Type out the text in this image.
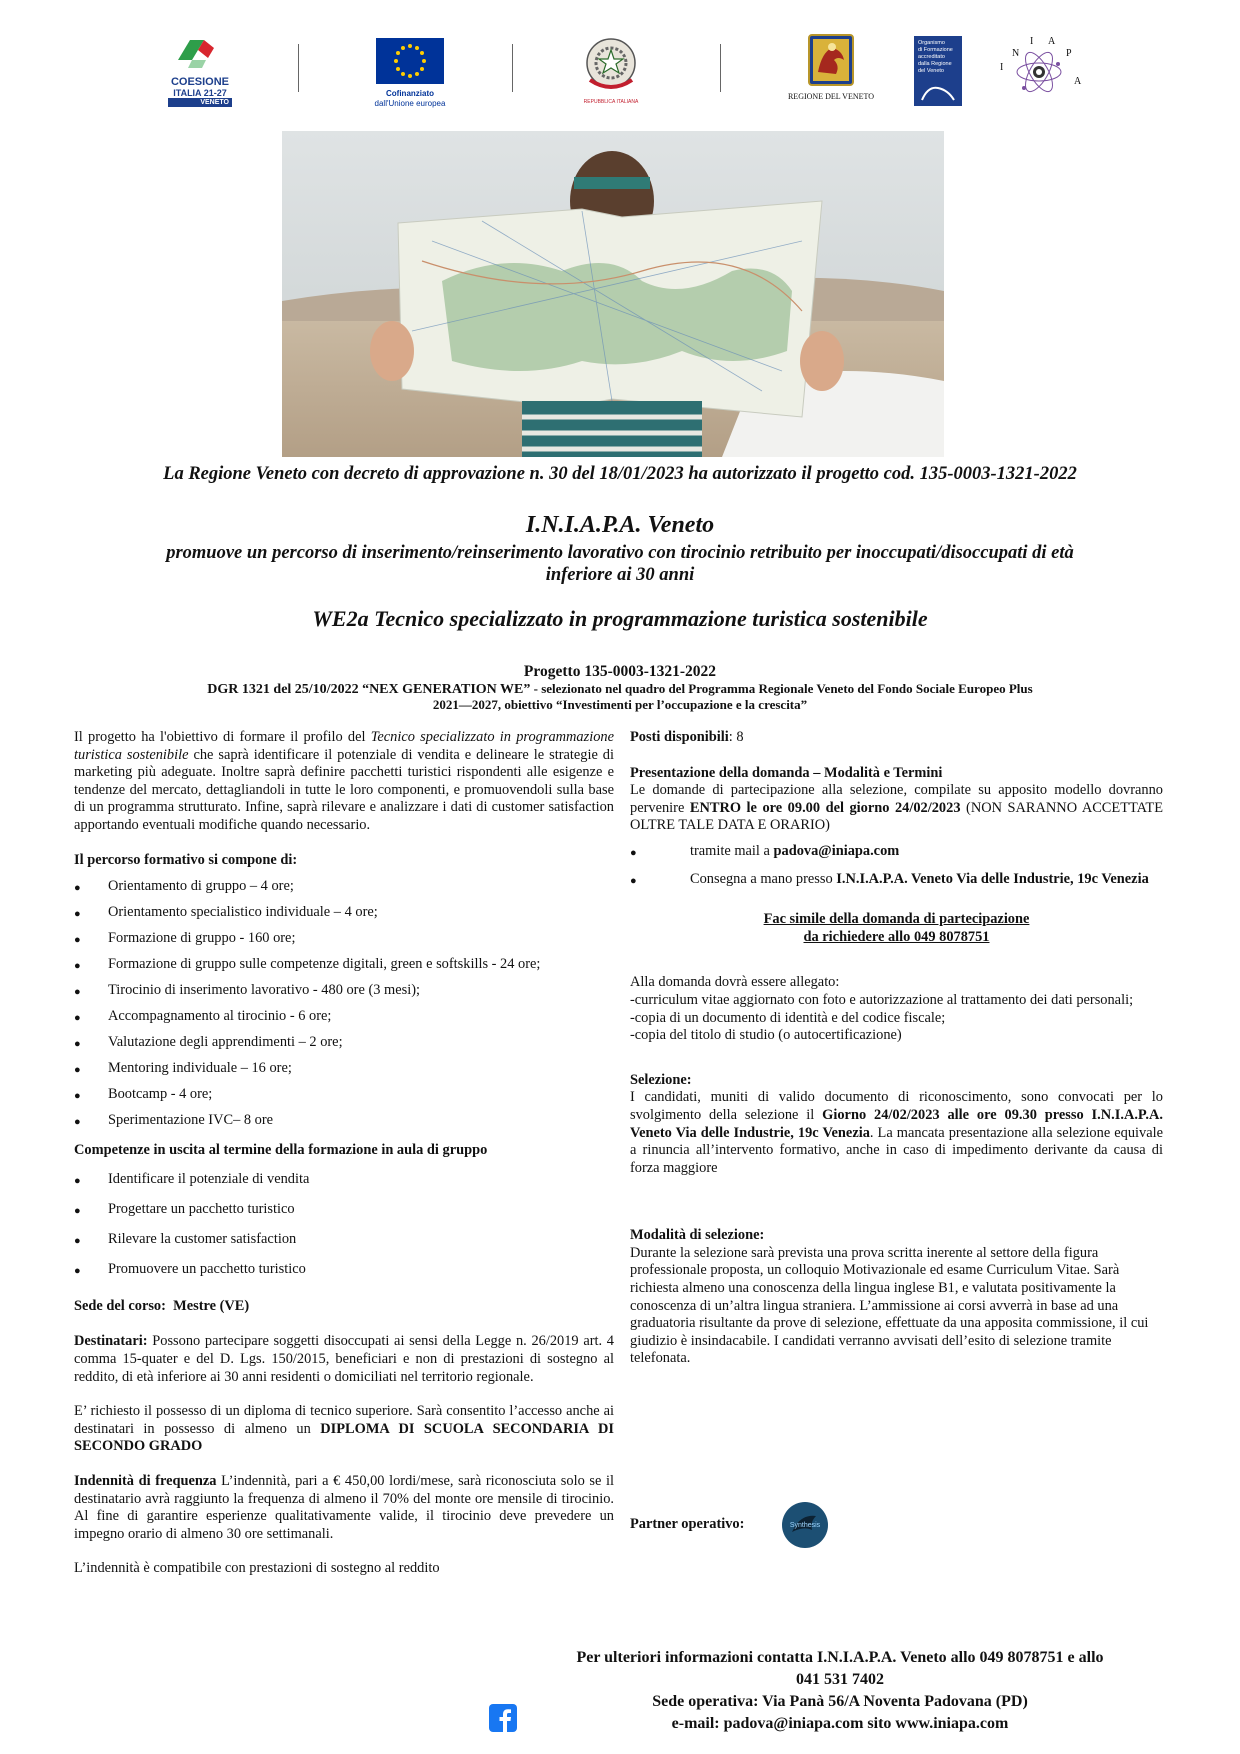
COESIONE
ITALIA 21-27
VENETO
Cofinanziato
dall'Unione europea	REPUBBLICA ITALIANA
REGIONE DEL VENETO
Organismo
di Formazione
accreditato
dalla Regione
del Veneto	I
N
I A
P
A
La Regione Veneto con decreto di approvazione n. 30 del 18/01/2023 ha autorizzato il progetto cod. 135-0003-1321-2022
I.N.I.A.P.A. Veneto
promuove un percorso di inserimento/reinserimento lavorativo con tirocinio retribuito per inoccupati/disoccupati di età
inferiore ai 30 anni
WE2a Tecnico specializzato in programmazione turistica sostenibile
Progetto 135-0003-1321-2022
DGR 1321 del 25/10/2022 “NEX GENERATION WE” - selezionato nel quadro del Programma Regionale Veneto del Fondo Sociale Europeo Plus
2021—2027, obiettivo “Investimenti per l’occupazione e la crescita”

Il progetto ha l'obiettivo di formare il profilo del Tecnico specializzato in programmazione turistica sostenibile che saprà identificare il potenziale di vendita e delineare le strategie di marketing più adeguate. Inoltre saprà definire pacchetti turistici rispondenti alle esigenze e tendenze del mercato, dettagliandoli in tutte le loro componenti, e promuovendoli sulla base di un programma strutturato. Infine, saprà rilevare e analizzare i dati di customer satisfaction apportando eventuali modifiche quando necessario.

Il percorso formativo si compone di:

● Orientamento di gruppo – 4 ore;
● Orientamento specialistico individuale – 4 ore;
● Formazione di gruppo - 160 ore;
● Formazione di gruppo sulle competenze digitali, green e softskills - 24 ore;
● Tirocinio di inserimento lavorativo - 480 ore (3 mesi);
● Accompagnamento al tirocinio - 6 ore;
● Valutazione degli apprendimenti – 2 ore;
● Mentoring individuale – 16 ore;
● Bootcamp - 4 ore;
● Sperimentazione IVC– 8 ore

Competenze in uscita al termine della formazione in aula di gruppo

● Identificare il potenziale di vendita
● Progettare un pacchetto turistico
● Rilevare la customer satisfaction
● Promuovere un pacchetto turistico

Sede del corso: Mestre (VE)

Destinatari: Possono partecipare soggetti disoccupati ai sensi della Legge n. 26/2019 art. 4 comma 15-quater e del D. Lgs. 150/2015, beneficiari e non di prestazioni di sostegno al reddito, di età inferiore ai 30 anni residenti o domiciliati nel territorio regionale.

E’ richiesto il possesso di un diploma di tecnico superiore. Sarà consentito l’accesso anche ai destinatari in possesso di almeno un DIPLOMA DI SCUOLA SECONDARIA DI SECONDO GRADO

Indennità di frequenza L’indennità, pari a € 450,00 lordi/mese, sarà riconosciuta solo se il destinatario avrà raggiunto la frequenza di almeno il 70% del monte ore mensile di tirocinio. Al fine di garantire esperienze qualitativamente valide, il tirocinio deve prevedere un impegno orario di almeno 30 ore settimanali.

L’indennità è compatibile con prestazioni di sostegno al reddito

Posti disponibili: 8

Presentazione della domanda – Modalità e Termini

Le domande di partecipazione alla selezione, compilate su apposito modello dovranno pervenire ENTRO le ore 09.00 del giorno 24/02/2023 (NON SARANNO ACCETTATE OLTRE TALE DATA E ORARIO)

● tramite mail a padova@iniapa.com
● Consegna a mano presso I.N.I.A.P.A. Veneto Via delle Industrie, 19c Venezia

Fac simile della domanda di partecipazione

da richiedere allo 049 8078751

Alla domanda dovrà essere allegato:

-curriculum vitae aggiornato con foto e autorizzazione al trattamento dei dati personali;

-copia di un documento di identità e del codice fiscale;

-copia del titolo di studio (o autocertificazione)

Selezione:

I candidati, muniti di valido documento di riconoscimento, sono convocati per lo svolgimento della selezione il Giorno 24/02/2023 alle ore 09.30 presso I.N.I.A.P.A. Veneto Via delle Industrie, 19c Venezia. La mancata presentazione alla selezione equivale a rinuncia all’intervento formativo, anche in caso di impedimento derivante da causa di forza maggiore

Modalità di selezione:

Durante la selezione sarà prevista una prova scritta inerente al settore della figura professionale proposta, un colloquio Motivazionale ed esame Curriculum Vitae. Sarà richiesta almeno una conoscenza della lingua inglese B1, e valutata positivamente la conoscenza di un’altra lingua straniera. L’ammissione ai corsi avverrà in base ad una graduatoria risultante da prove di selezione, effettuate da una apposita commissione, il cui giudizio è insindacabile. I candidati verranno avvisati dell’esito di selezione tramite telefonata.

Partner operativo:	Synthesis
Per ulteriori informazioni contatta I.N.I.A.P.A. Veneto allo 049 8078751 e allo
041 531 7402
Sede operativa: Via Panà 56/A Noventa Padovana (PD)
e-mail: padova@iniapa.com sito www.iniapa.com
